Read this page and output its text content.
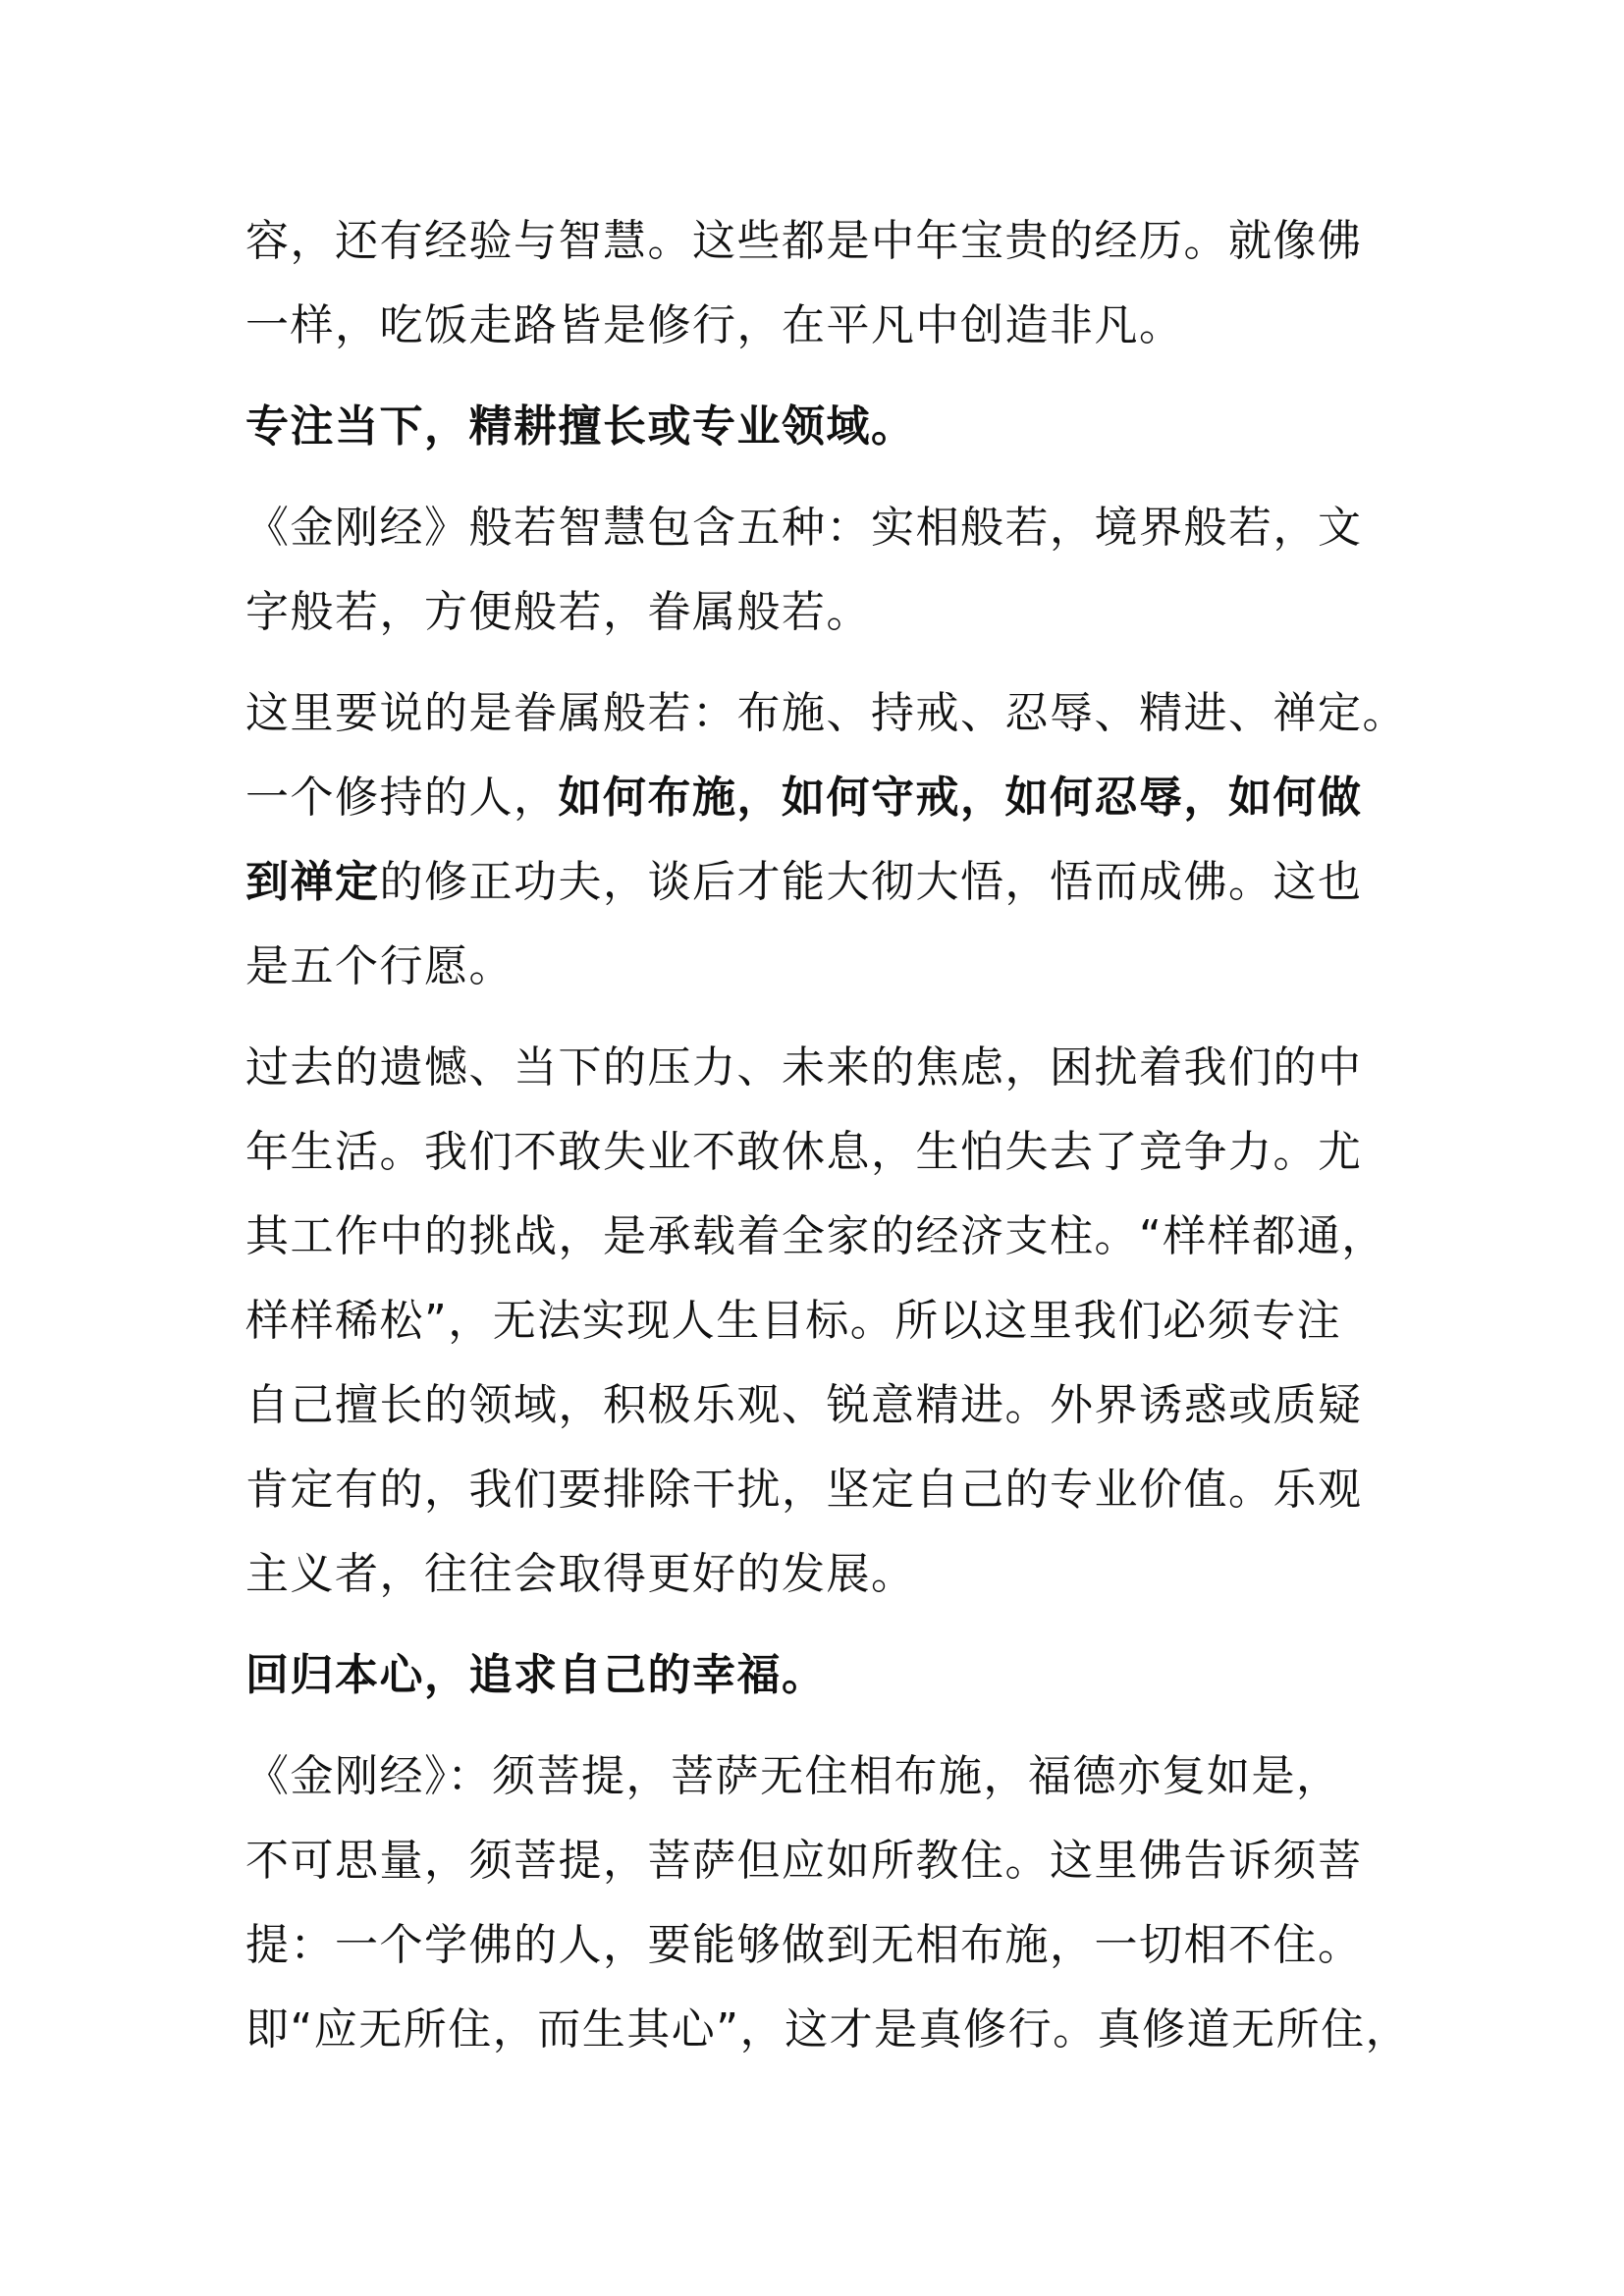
容，还有经验与智慧。这些都是中年宝贵的经历。就像佛
一样，吃饭走路皆是修行，在平凡中创造非凡。

专注当下，精耕擅长或专业领域。

《金刚经》般若智慧包含五种：实相般若，境界般若，文
字般若，方便般若，眷属般若。

这里要说的是眷属般若：布施、持戒、忍辱、精进、禅定。
一个修持的人，如何布施，如何守戒，如何忍辱，如何做
到禅定的修正功夫，谈后才能大彻大悟，悟而成佛。这也
是五个行愿。

过去的遗憾、当下的压力、未来的焦虑，困扰着我们的中
年生活。我们不敢失业不敢休息，生怕失去了竞争力。尤
其工作中的挑战，是承载着全家的经济支柱。“样样都通，
样样稀松”，无法实现人生目标。所以这里我们必须专注
自己擅长的领域，积极乐观、锐意精进。外界诱惑或质疑
肯定有的，我们要排除干扰，坚定自己的专业价值。乐观
主义者，往往会取得更好的发展。

回归本心，追求自己的幸福。

《金刚经》：须菩提，菩萨无住相布施，福德亦复如是，
不可思量，须菩提，菩萨但应如所教住。这里佛告诉须菩
提：一个学佛的人，要能够做到无相布施，一切相不住。
即“应无所住，而生其心”，这才是真修行。真修道无所住，
